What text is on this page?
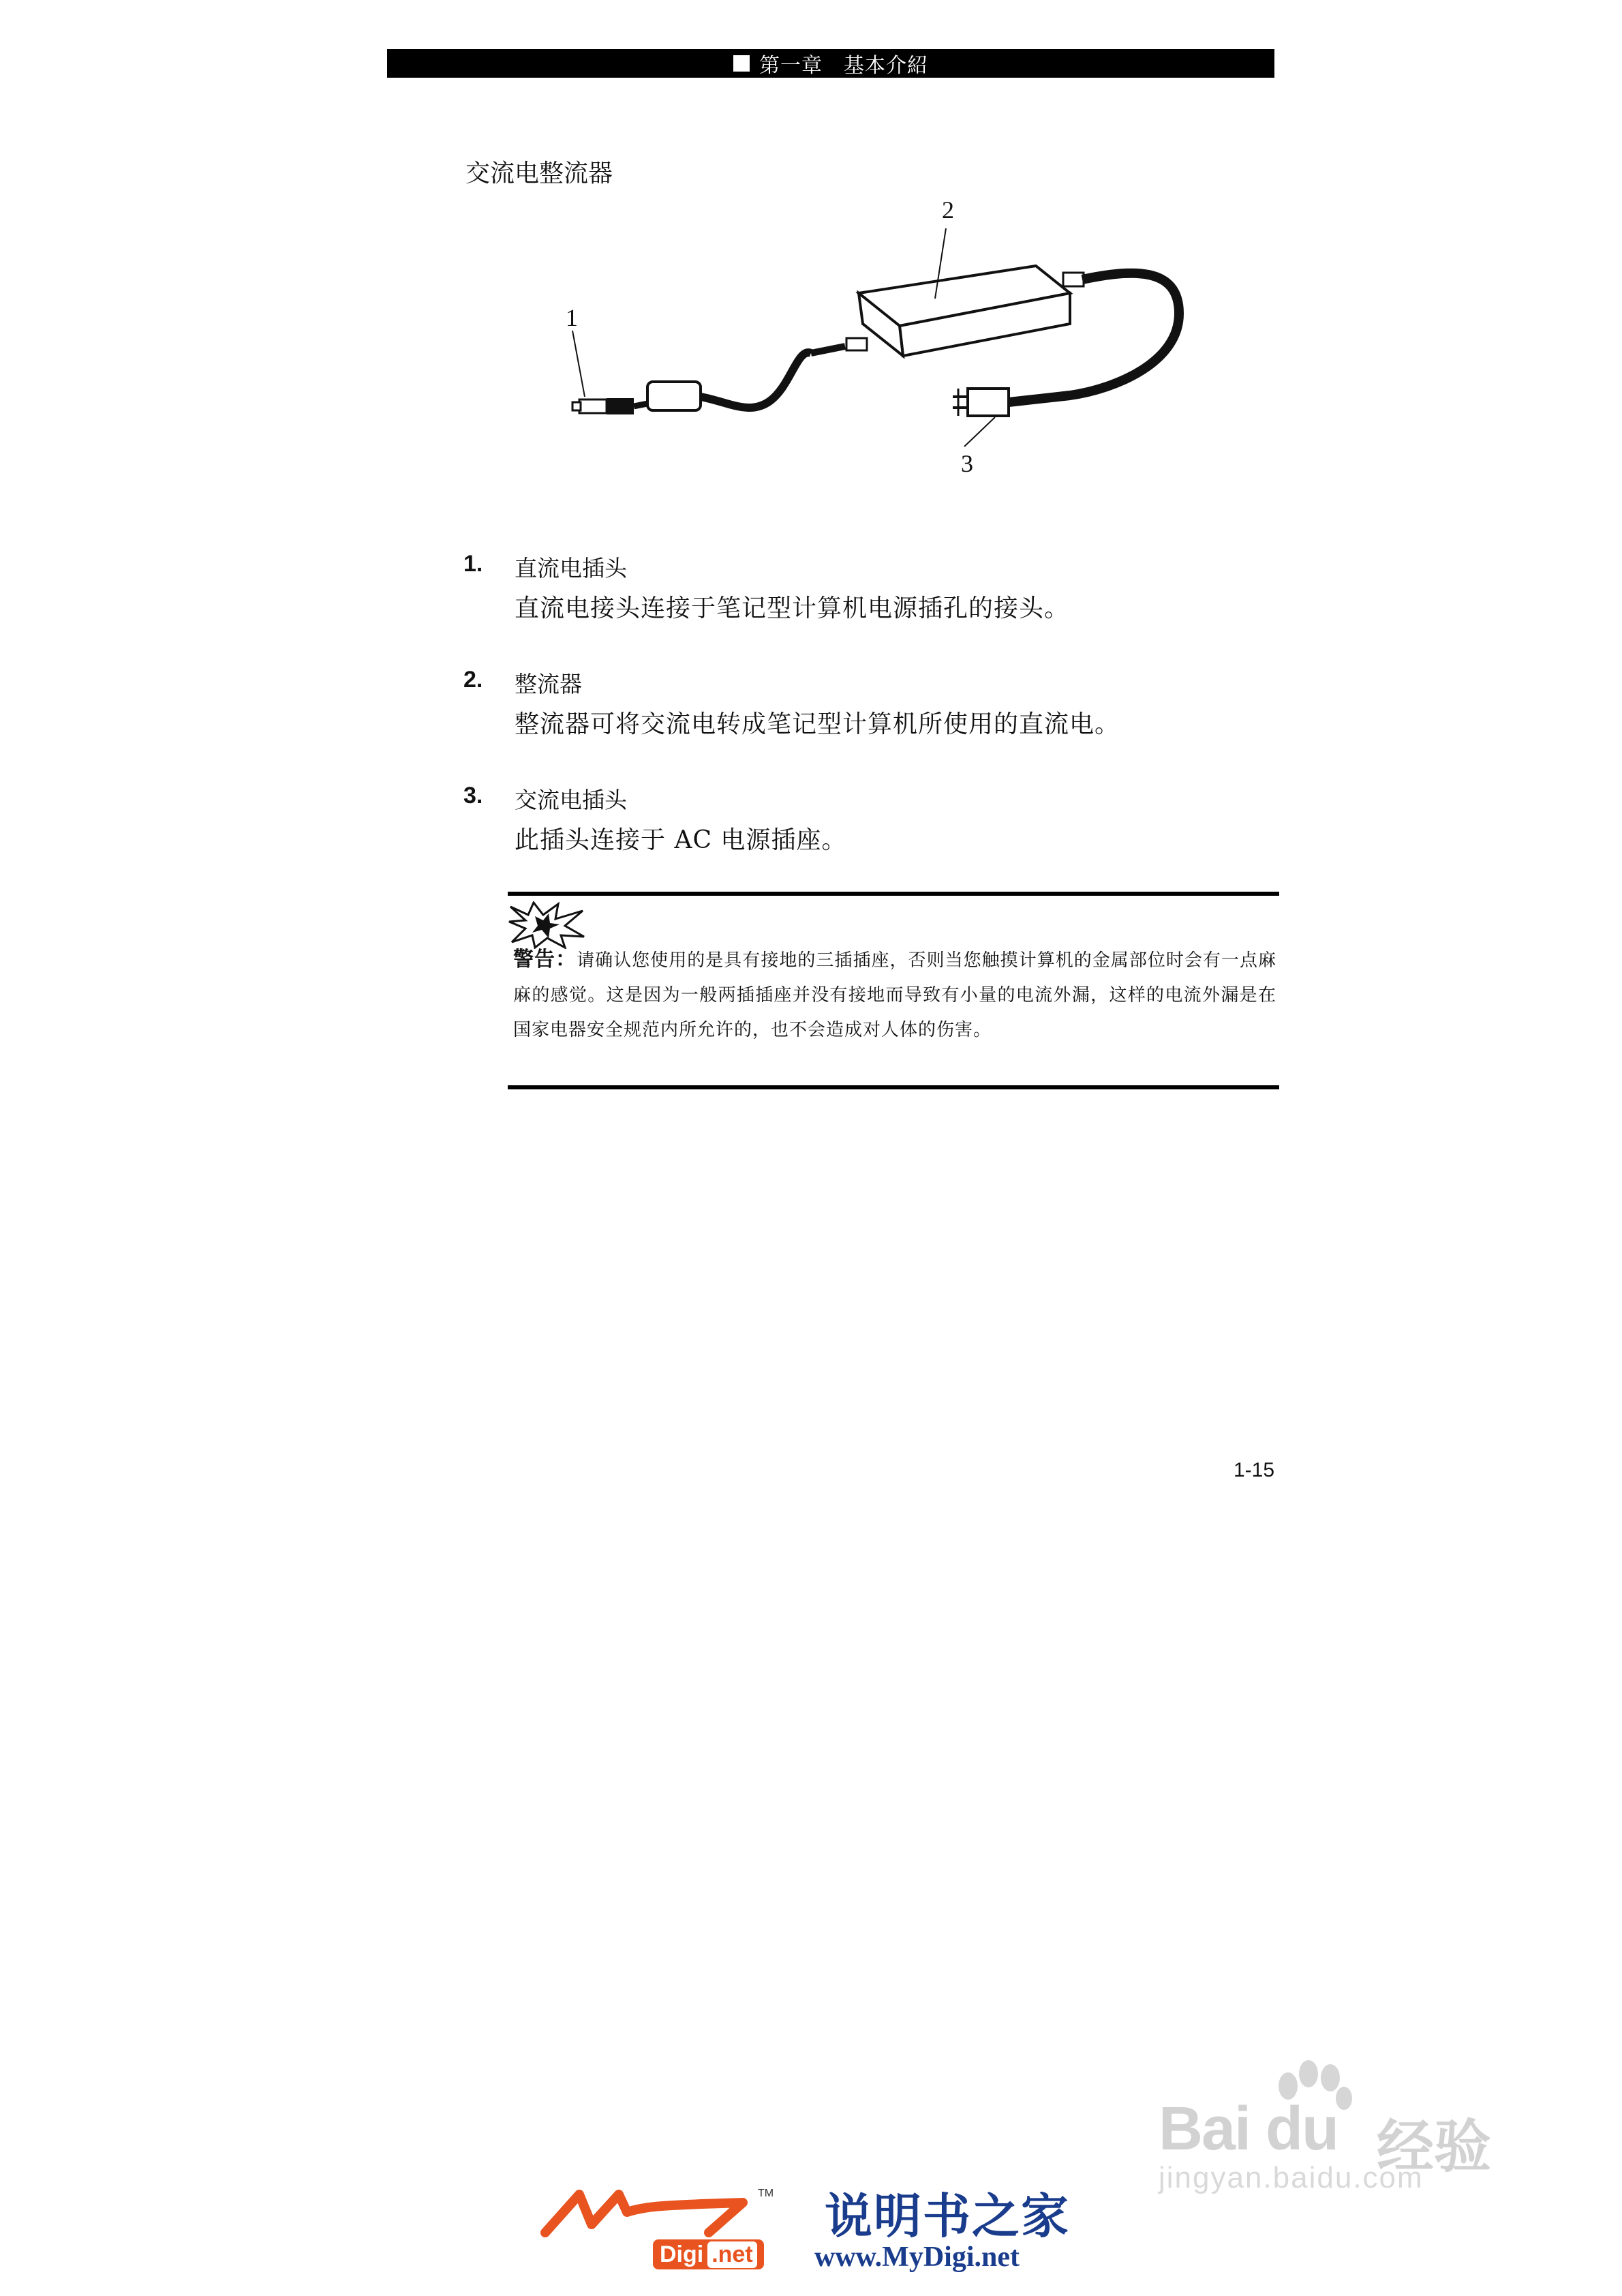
第一章　基本介紹
交流电整流器
1
2
3
1. 直流电插头
直流电接头连接于笔记型计算机电源插孔的接头。
2. 整流器
整流器可将交流电转成笔记型计算机所使用的直流电。
3. 交流电插头
此插头连接于 AC 电源插座。
警告：请确认您使用的是具有接地的三插插座，否则当您触摸计算机的金属部位时会有一点麻麻的感觉。这是因为一般两插插座并没有接地而导致有小量的电流外漏，这样的电流外漏是在国家电器安全规范内所允许的，也不会造成对人体的伤害。
1-15
Bai du 经验
jingyan.baidu.com
TM
Digi .net
说明书之家
www.MyDigi.net
